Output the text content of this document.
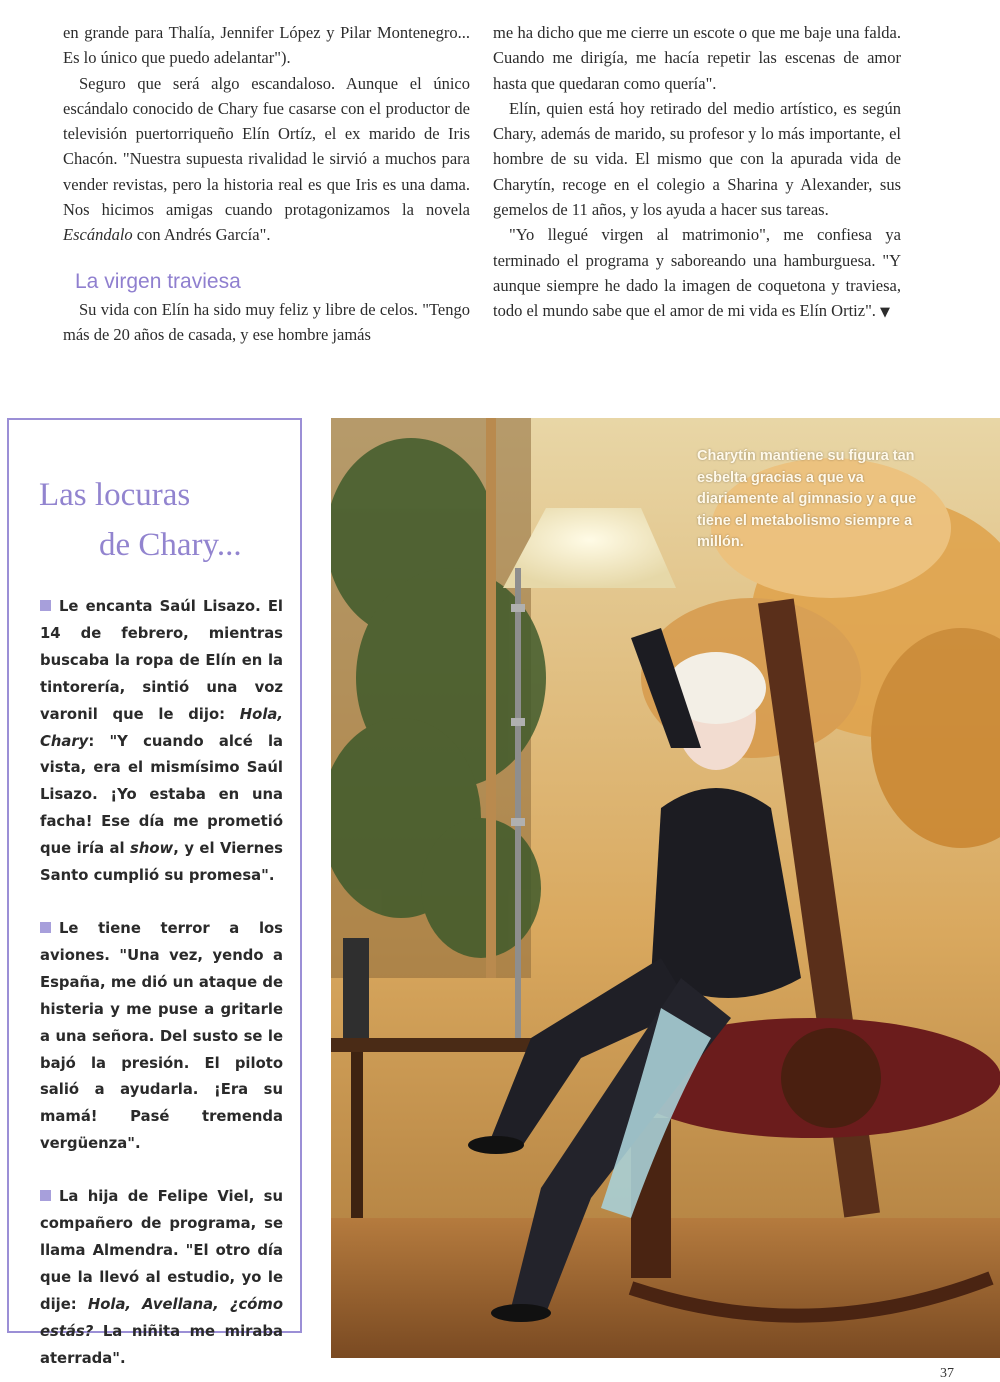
en grande para Thalía, Jennifer López y Pilar Montenegro... Es lo único que puedo adelantar").

Seguro que será algo escandaloso. Aunque el único escándalo conocido de Chary fue casarse con el productor de televisión puertorriqueño Elín Ortíz, el ex marido de Iris Chacón. "Nuestra supuesta rivalidad le sirvió a muchos para vender revistas, pero la historia real es que Iris es una dama. Nos hicimos amigas cuando protagonizamos la novela Escándalo con Andrés García".

La virgen traviesa

Su vida con Elín ha sido muy feliz y libre de celos. "Tengo más de 20 años de casada, y ese hombre jamás

me ha dicho que me cierre un escote o que me baje una falda. Cuando me dirigía, me hacía repetir las escenas de amor hasta que quedaran como quería".

Elín, quien está hoy retirado del medio artístico, es según Chary, además de marido, su profesor y lo más importante, el hombre de su vida. El mismo que con la apurada vida de Charytín, recoge en el colegio a Sharina y Alexander, sus gemelos de 11 años, y los ayuda a hacer sus tareas.

"Yo llegué virgen al matrimonio", me confiesa ya terminado el programa y saboreando una hamburguesa. "Y aunque siempre he dado la imagen de coquetona y traviesa, todo el mundo sabe que el amor de mi vida es Elín Ortiz". ▼

Las locuras
de Chary...
Le encanta Saúl Lisazo. El 14 de febrero, mientras buscaba la ropa de Elín en la tintorería, sintió una voz varonil que le dijo: Hola, Chary: "Y cuando alcé la vista, era el mismísimo Saúl Lisazo. ¡Yo estaba en una facha! Ese día me prometió que iría al show, y el Viernes Santo cumplió su promesa".
Le tiene terror a los aviones. "Una vez, yendo a España, me dió un ataque de histeria y me puse a gritarle a una señora. Del susto se le bajó la presión. El piloto salió a ayudarla. ¡Era su mamá! Pasé tremenda vergüenza".
La hija de Felipe Viel, su compañero de programa, se llama Almendra. "El otro día que la llevó al estudio, yo le dije: Hola, Avellana, ¿cómo estás? La niñita me miraba aterrada".
Charytín mantiene su figura tan esbelta gracias a que va diariamente al gimnasio y a que tiene el metabolismo siempre a millón.
37
